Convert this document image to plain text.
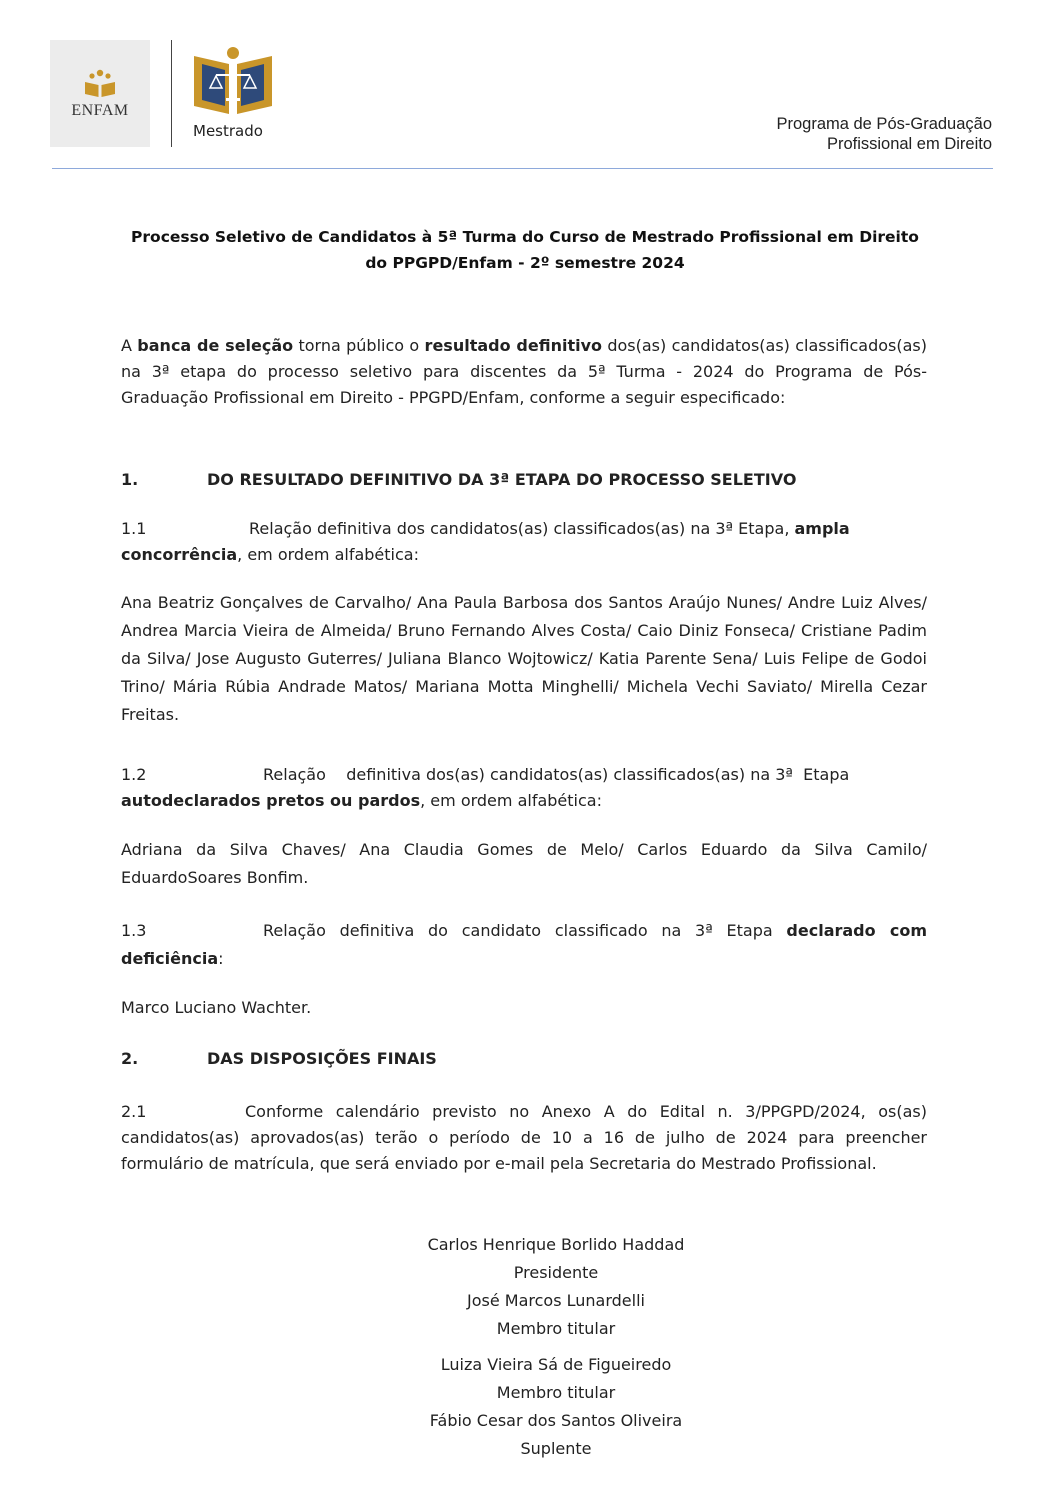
ENFAM
Mestrado	Programa de Pós-Graduação
Profissional em Direito
Processo Seletivo de Candidatos à 5ª Turma do Curso de Mestrado Profissional em Direito
do PPGPD/Enfam - 2º semestre 2024
A banca de seleção torna público o resultado definitivo dos(as) candidatos(as) classificados(as) na 3ª etapa do processo seletivo para discentes da 5ª Turma - 2024 do Programa de Pós- Graduação Profissional em Direito - PPGPD/Enfam, conforme a seguir especificado:
1.	DO RESULTADO DEFINITIVO DA 3ª ETAPA DO PROCESSO SELETIVO
1.1	Relação definitiva dos candidatos(as) classificados(as) na 3ª Etapa, ampla concorrência, em ordem alfabética:
Ana Beatriz Gonçalves de Carvalho/ Ana Paula Barbosa dos Santos Araújo Nunes/ Andre Luiz Alves/ Andrea Marcia Vieira de Almeida/ Bruno Fernando Alves Costa/ Caio Diniz Fonseca/ Cristiane Padim da Silva/ Jose Augusto Guterres/ Juliana Blanco Wojtowicz/ Katia Parente Sena/ Luis Felipe de Godoi Trino/ Mária Rúbia Andrade Matos/ Mariana Motta Minghelli/ Michela Vechi Saviato/ Mirella Cezar Freitas.
1.2	Relação    definitiva dos(as) candidatos(as) classificados(as) na 3ª  Etapa
autodeclarados pretos ou pardos, em ordem alfabética:
Adriana da Silva Chaves/ Ana Claudia Gomes de Melo/ Carlos Eduardo da Silva Camilo/ EduardoSoares Bonfim.
1.3	Relação definitiva do candidato classificado na 3ª Etapa declarado com deficiência:
Marco Luciano Wachter.
2.	DAS DISPOSIÇÕES FINAIS
2.1	Conforme calendário previsto no Anexo A do Edital n. 3/PPGPD/2024, os(as) candidatos(as) aprovados(as) terão o período de 10 a 16 de julho de 2024 para preencher formulário de matrícula, que será enviado por e-mail pela Secretaria do Mestrado Profissional.
Carlos Henrique Borlido Haddad
Presidente
José Marcos Lunardelli
Membro titular
Luiza Vieira Sá de Figueiredo
Membro titular
Fábio Cesar dos Santos Oliveira
Suplente
